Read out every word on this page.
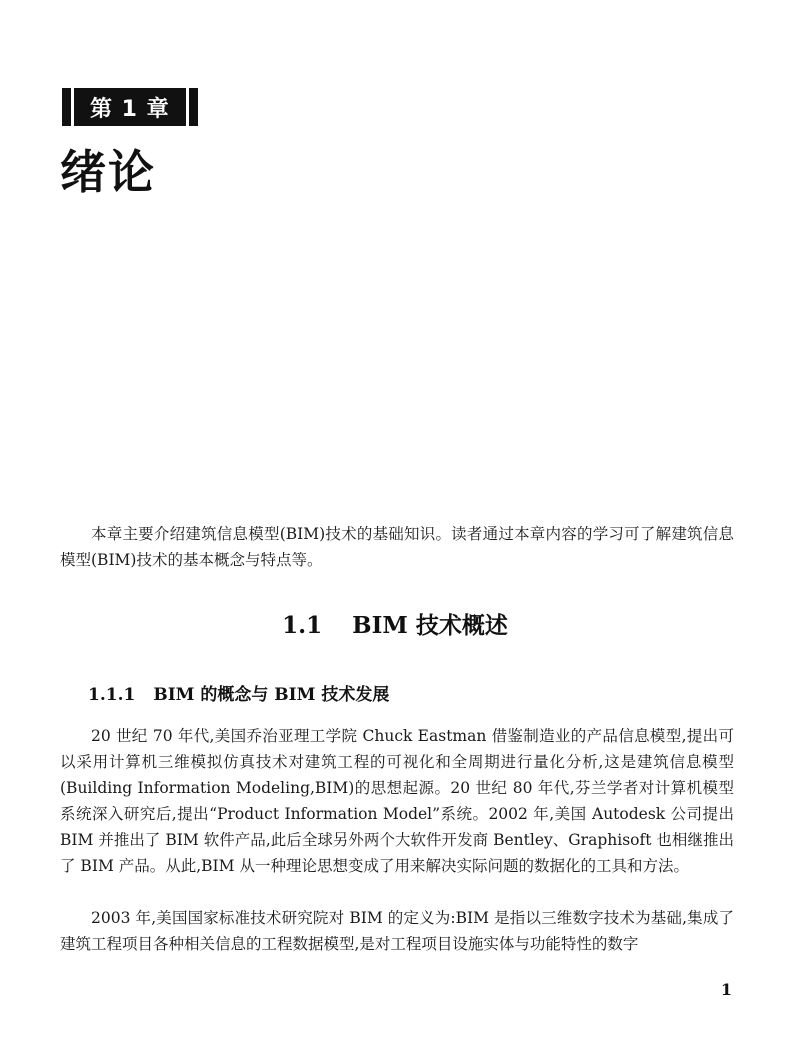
第 1 章
绪论

本章主要介绍建筑信息模型(BIM)技术的基础知识。读者通过本章内容的学习可了解建筑信息模型(BIM)技术的基本概念与特点等。

1.1 BIM 技术概述
1.1.1 BIM 的概念与 BIM 技术发展

20 世纪 70 年代,美国乔治亚理工学院 Chuck Eastman 借鉴制造业的产品信息模型,提出可以采用计算机三维模拟仿真技术对建筑工程的可视化和全周期进行量化分析,这是建筑信息模型(Building Information Modeling,BIM)的思想起源。20 世纪 80 年代,芬兰学者对计算机模型系统深入研究后,提出“Product Information Model”系统。2002 年,美国 Autodesk 公司提出 BIM 并推出了 BIM 软件产品,此后全球另外两个大软件开发商 Bentley、Graphisoft 也相继推出了 BIM 产品。从此,BIM 从一种理论思想变成了用来解决实际问题的数据化的工具和方法。

2003 年,美国国家标准技术研究院对 BIM 的定义为:BIM 是指以三维数字技术为基础,集成了建筑工程项目各种相关信息的工程数据模型,是对工程项目设施实体与功能特性的数字

1
